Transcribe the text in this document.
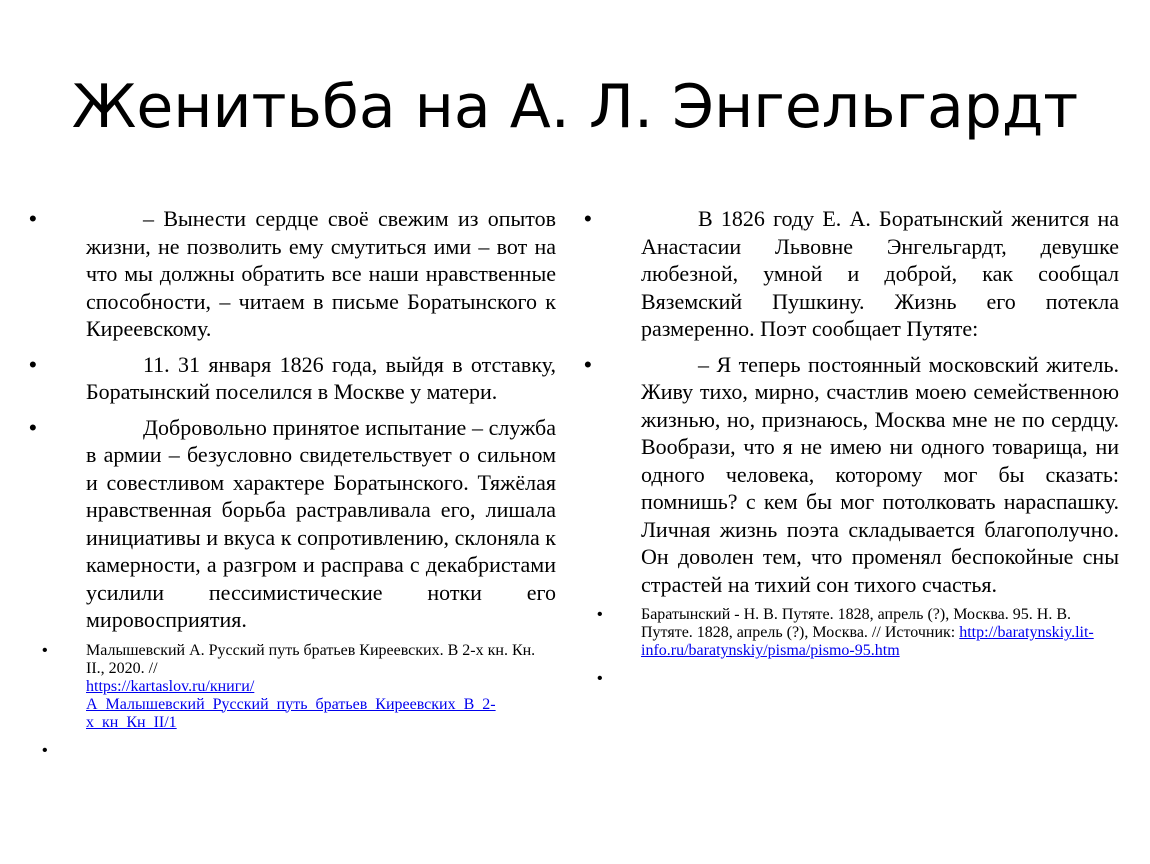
Женитьба на А. Л. Энгельгардт

•	– Вынести сердце своё свежим из опытов жизни, не позволить ему смутиться ими – вот на что мы должны обратить все наши нравственные способности, – читаем в письме Боратынского к Киреевскому.

•	11. 31 января 1826 года, выйдя в отставку, Боратынский поселился в Москве у матери.

•	Добровольно принятое испытание – служба в армии – безусловно свидетельствует о сильном и совестливом характере Боратынского. Тяжёлая нравственная борьба растравливала его, лишала инициативы и вкуса к сопротивлению, склоняла к камерности, а разгром и расправа с декабристами усилили пессимистические нотки его мировосприятия.

• Малышевский А. Русский путь братьев Киреевских. В 2-х кн. Кн. II., 2020. //
https://kartaslov.ru/книги/А_Малышевский_Русский_путь_братьев_Киреевских_В_2-х_кн_Кн_II/1
•

•	В 1826 году Е. А. Боратынский женится на Анастасии Львовне Энгельгардт, девушке любезной, умной и доброй, как сообщал Вяземский Пушкину. Жизнь его потекла размеренно. Поэт сообщает Путяте:

•	– Я теперь постоянный московский житель. Живу тихо, мирно, счастлив моею семейственною жизнью, но, признаюсь, Москва мне не по сердцу. Вообрази, что я не имею ни одного товарища, ни одного человека, которому мог бы сказать: помнишь? с кем бы мог потолковать нараспашку. Личная жизнь поэта складывается благополучно. Он доволен тем, что променял беспокойные сны страстей на тихий сон тихого счастья.

• Баратынский - Н. В. Путяте. 1828, апрель (?), Москва. 95. Н. В. Путяте. 1828, апрель (?), Москва. // Источник: http://baratynskiy.lit-info.ru/baratynskiy/pisma/pismo-95.htm
•
